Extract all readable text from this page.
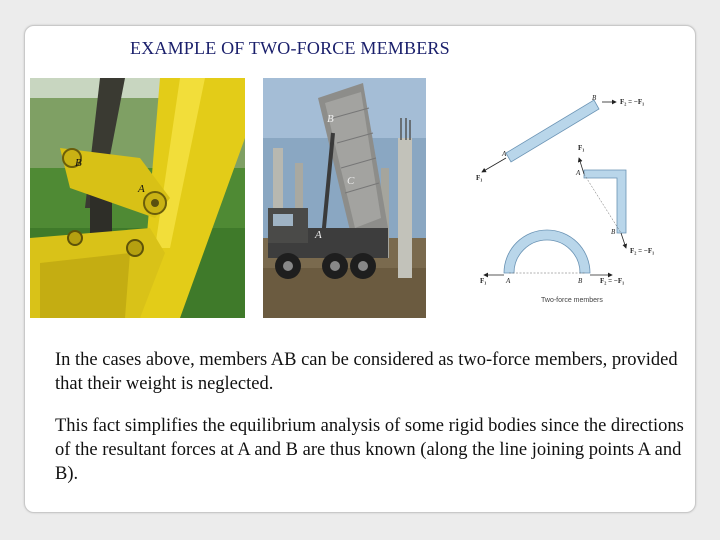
EXAMPLE OF TWO-FORCE MEMBERS
B
A
B
C
A
B
A
F₂ = −F₁
F₁
A
B
F₁
F₂ = −F₁
A	B
F₁	F₂ = −F₁
Two-force members
In the cases above, members AB can be considered as two-force members, provided that their weight is neglected.
This fact simplifies the equilibrium analysis of some rigid bodies since the directions of the resultant forces at A and B are thus known (along the line joining points A and B).
